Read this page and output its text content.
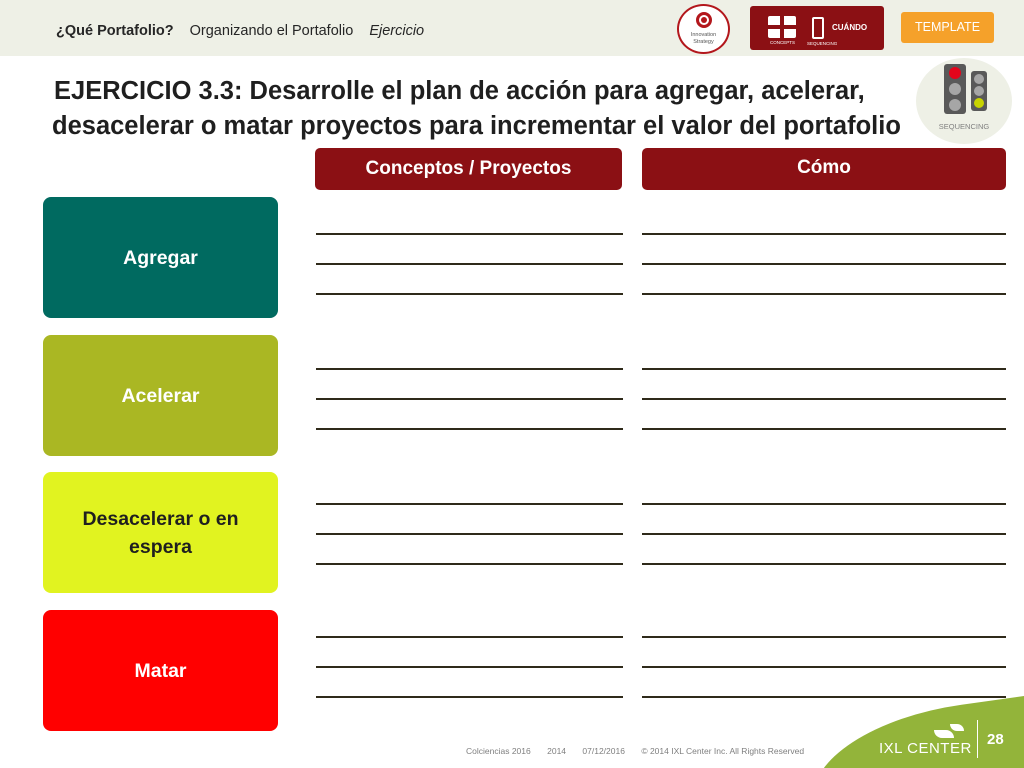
¿Qué Portafolio? Organizando el Portafolio Ejercicio	Innovation
Strategy
CUÁNDO
CONCEPTS	SEQUENCING
TEMPLATE
SEQUENCING
EJERCICIO 3.3: Desarrolle el plan de acción para agregar, acelerar,
desacelerar o matar proyectos para incrementar el valor del portafolio
Conceptos / Proyectos	Cómo
Agregar
Acelerar
Desacelerar o en espera
Matar
Colciencias 2016 2014 07/12/2016 © 2014 IXL Center Inc. All Rights Reserved	IXL CENTER
28
